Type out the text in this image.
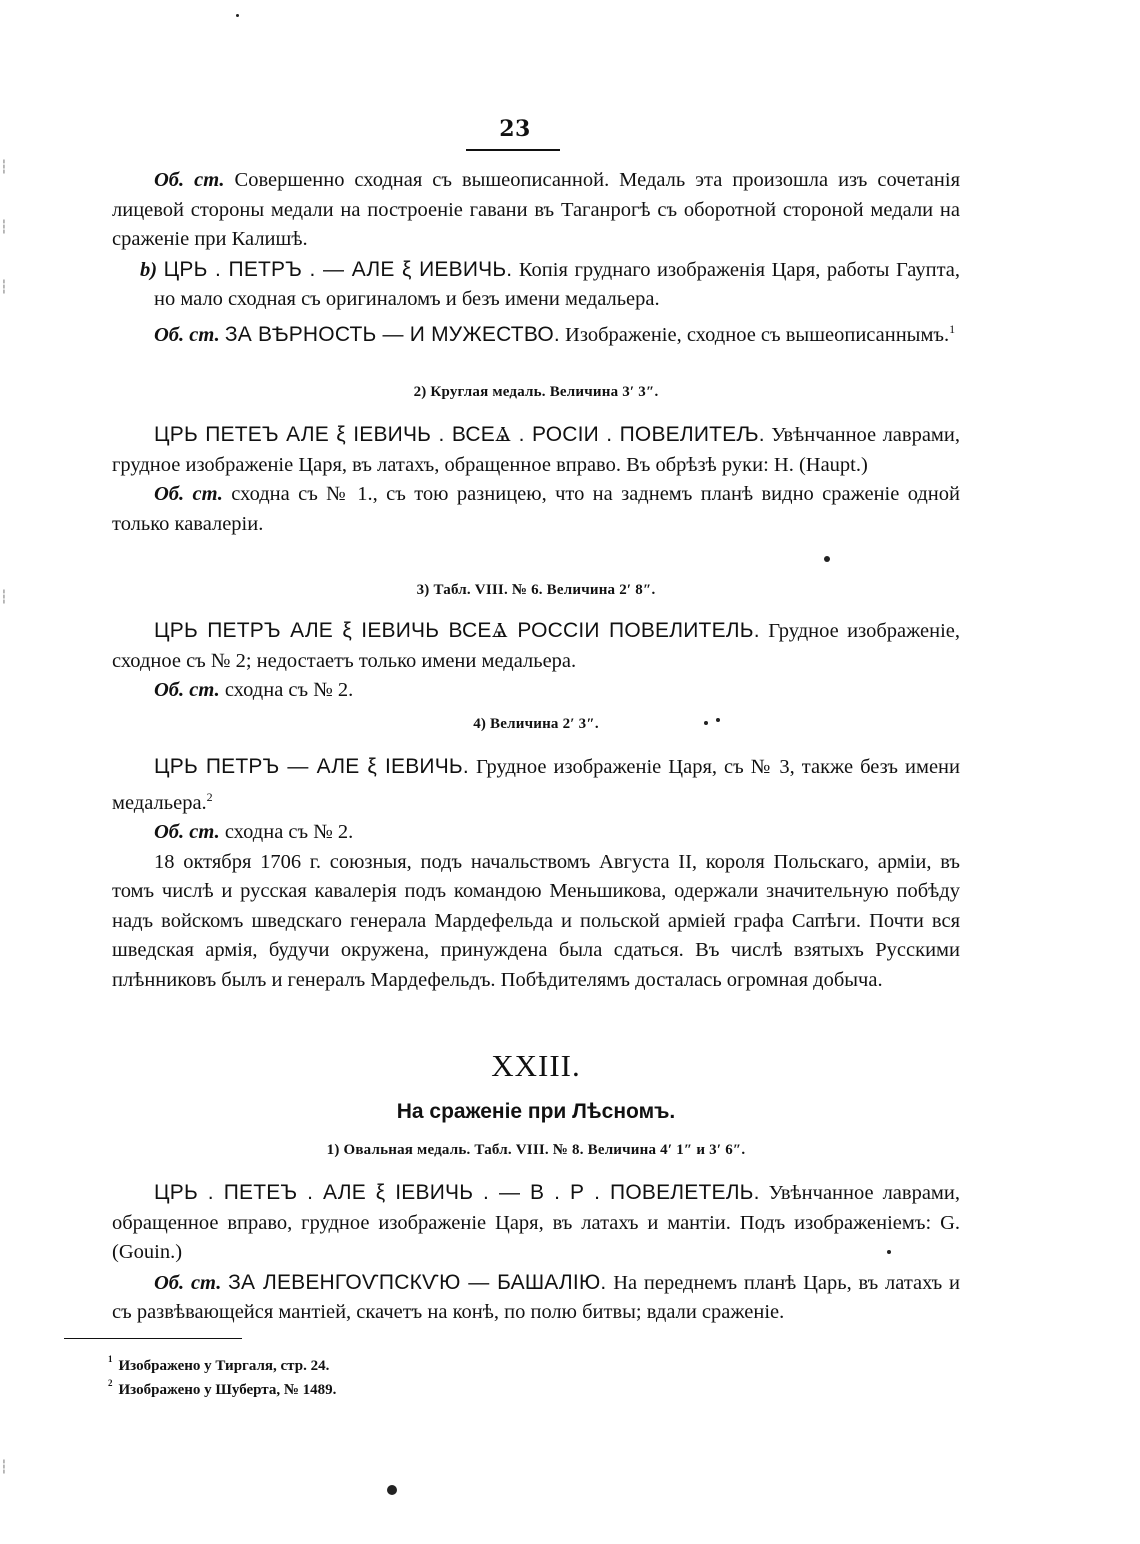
23

Об. ст. Совершенно сходная съ вышеописанной. Медаль эта произошла изъ сочетанія лицевой стороны медали на построеніе гавани въ Таганрогѣ съ оборотной стороной медали на сраженіе при Калишѣ.

b) ЦРЬ . ПЕТРЪ . — АЛЕ ξ ИЕВИЧЬ. Копія груднаго изображенія Царя, работы Гаупта, но мало сходная съ оригиналомъ и безъ имени медальера.

Об. ст. ЗА ВѢРНОСТЬ — И МУЖЕСТВО. Изображеніе, сходное съ вышеописаннымъ.$^1$

2) Круглая медаль. Величина 3′ 3″.

ЦРЬ ПЕТЕЪ АЛЕ ξ ІЕВИЧЬ . ВСЕⰡ . РОСІИ . ПОВЕЛИТЕЉ. Увѣнчанное лаврами, грудное изображеніе Царя, въ латахъ, обращенное вправо. Въ обрѣзѣ руки: Н. (Haupt.)

Об. ст. сходна съ № 1., съ тою разницею, что на заднемъ планѣ видно сраженіе одной только кавалеріи.

3) Табл. VIII. № 6. Величина 2′ 8″.

ЦРЬ ПЕТРЪ АЛЕ ξ ІЕВИЧЬ ВСЕⰡ РОССІИ ПОВЕЛИТЕЛЬ. Грудное изображеніе, сходное съ № 2; недостаетъ только имени медальера.

Об. ст. сходна съ № 2.

4) Величина 2′ 3″.

ЦРЬ ПЕТРЪ — АЛЕ ξ ІЕВИЧЬ. Грудное изображеніе Царя, съ № 3, также безъ имени медальера.$^2$

Об. ст. сходна съ № 2.

18 октября 1706 г. союзныя, подъ начальствомъ Августа II, короля Польскаго, арміи, въ томъ числѣ и русская кавалерія подъ командою Меньшикова, одержали значительную побѣду надъ войскомъ шведскаго генерала Мардефельда и польской арміей графа Сапѣги. Почти вся шведская армія, будучи окружена, принуждена была сдаться. Въ числѣ взятыхъ Русскими плѣнниковъ былъ и генералъ Мардефельдъ. Побѣдителямъ досталась огромная добыча.

XXIII.
На сраженіе при Лѣсномъ.

1) Овальная медаль. Табл. VIII. № 8. Величина 4′ 1″ и 3′ 6″.

ЦРЬ . ПЕТЕЪ . АЛЕ ξ ІЕВИЧЬ . — В . Р . ПОВЕЛЕТЕЛЬ. Увѣнчанное лаврами, обращенное вправо, грудное изображеніе Царя, въ латахъ и мантіи. Подъ изображеніемъ: G. (Gouin.)

Об. ст. ЗА ЛЕВЕНГОѴПСКѴЮ — БАШАЛІЮ. На переднемъ планѣ Царь, въ латахъ и съ развѣвающейся мантіей, скачетъ на конѣ, по полю битвы; вдали сраженіе.

$^1$ Изображено у Тиргаля, стр. 24.
$^2$ Изображено у Шуберта, № 1489.
┆
┆
┆
┆
┆
